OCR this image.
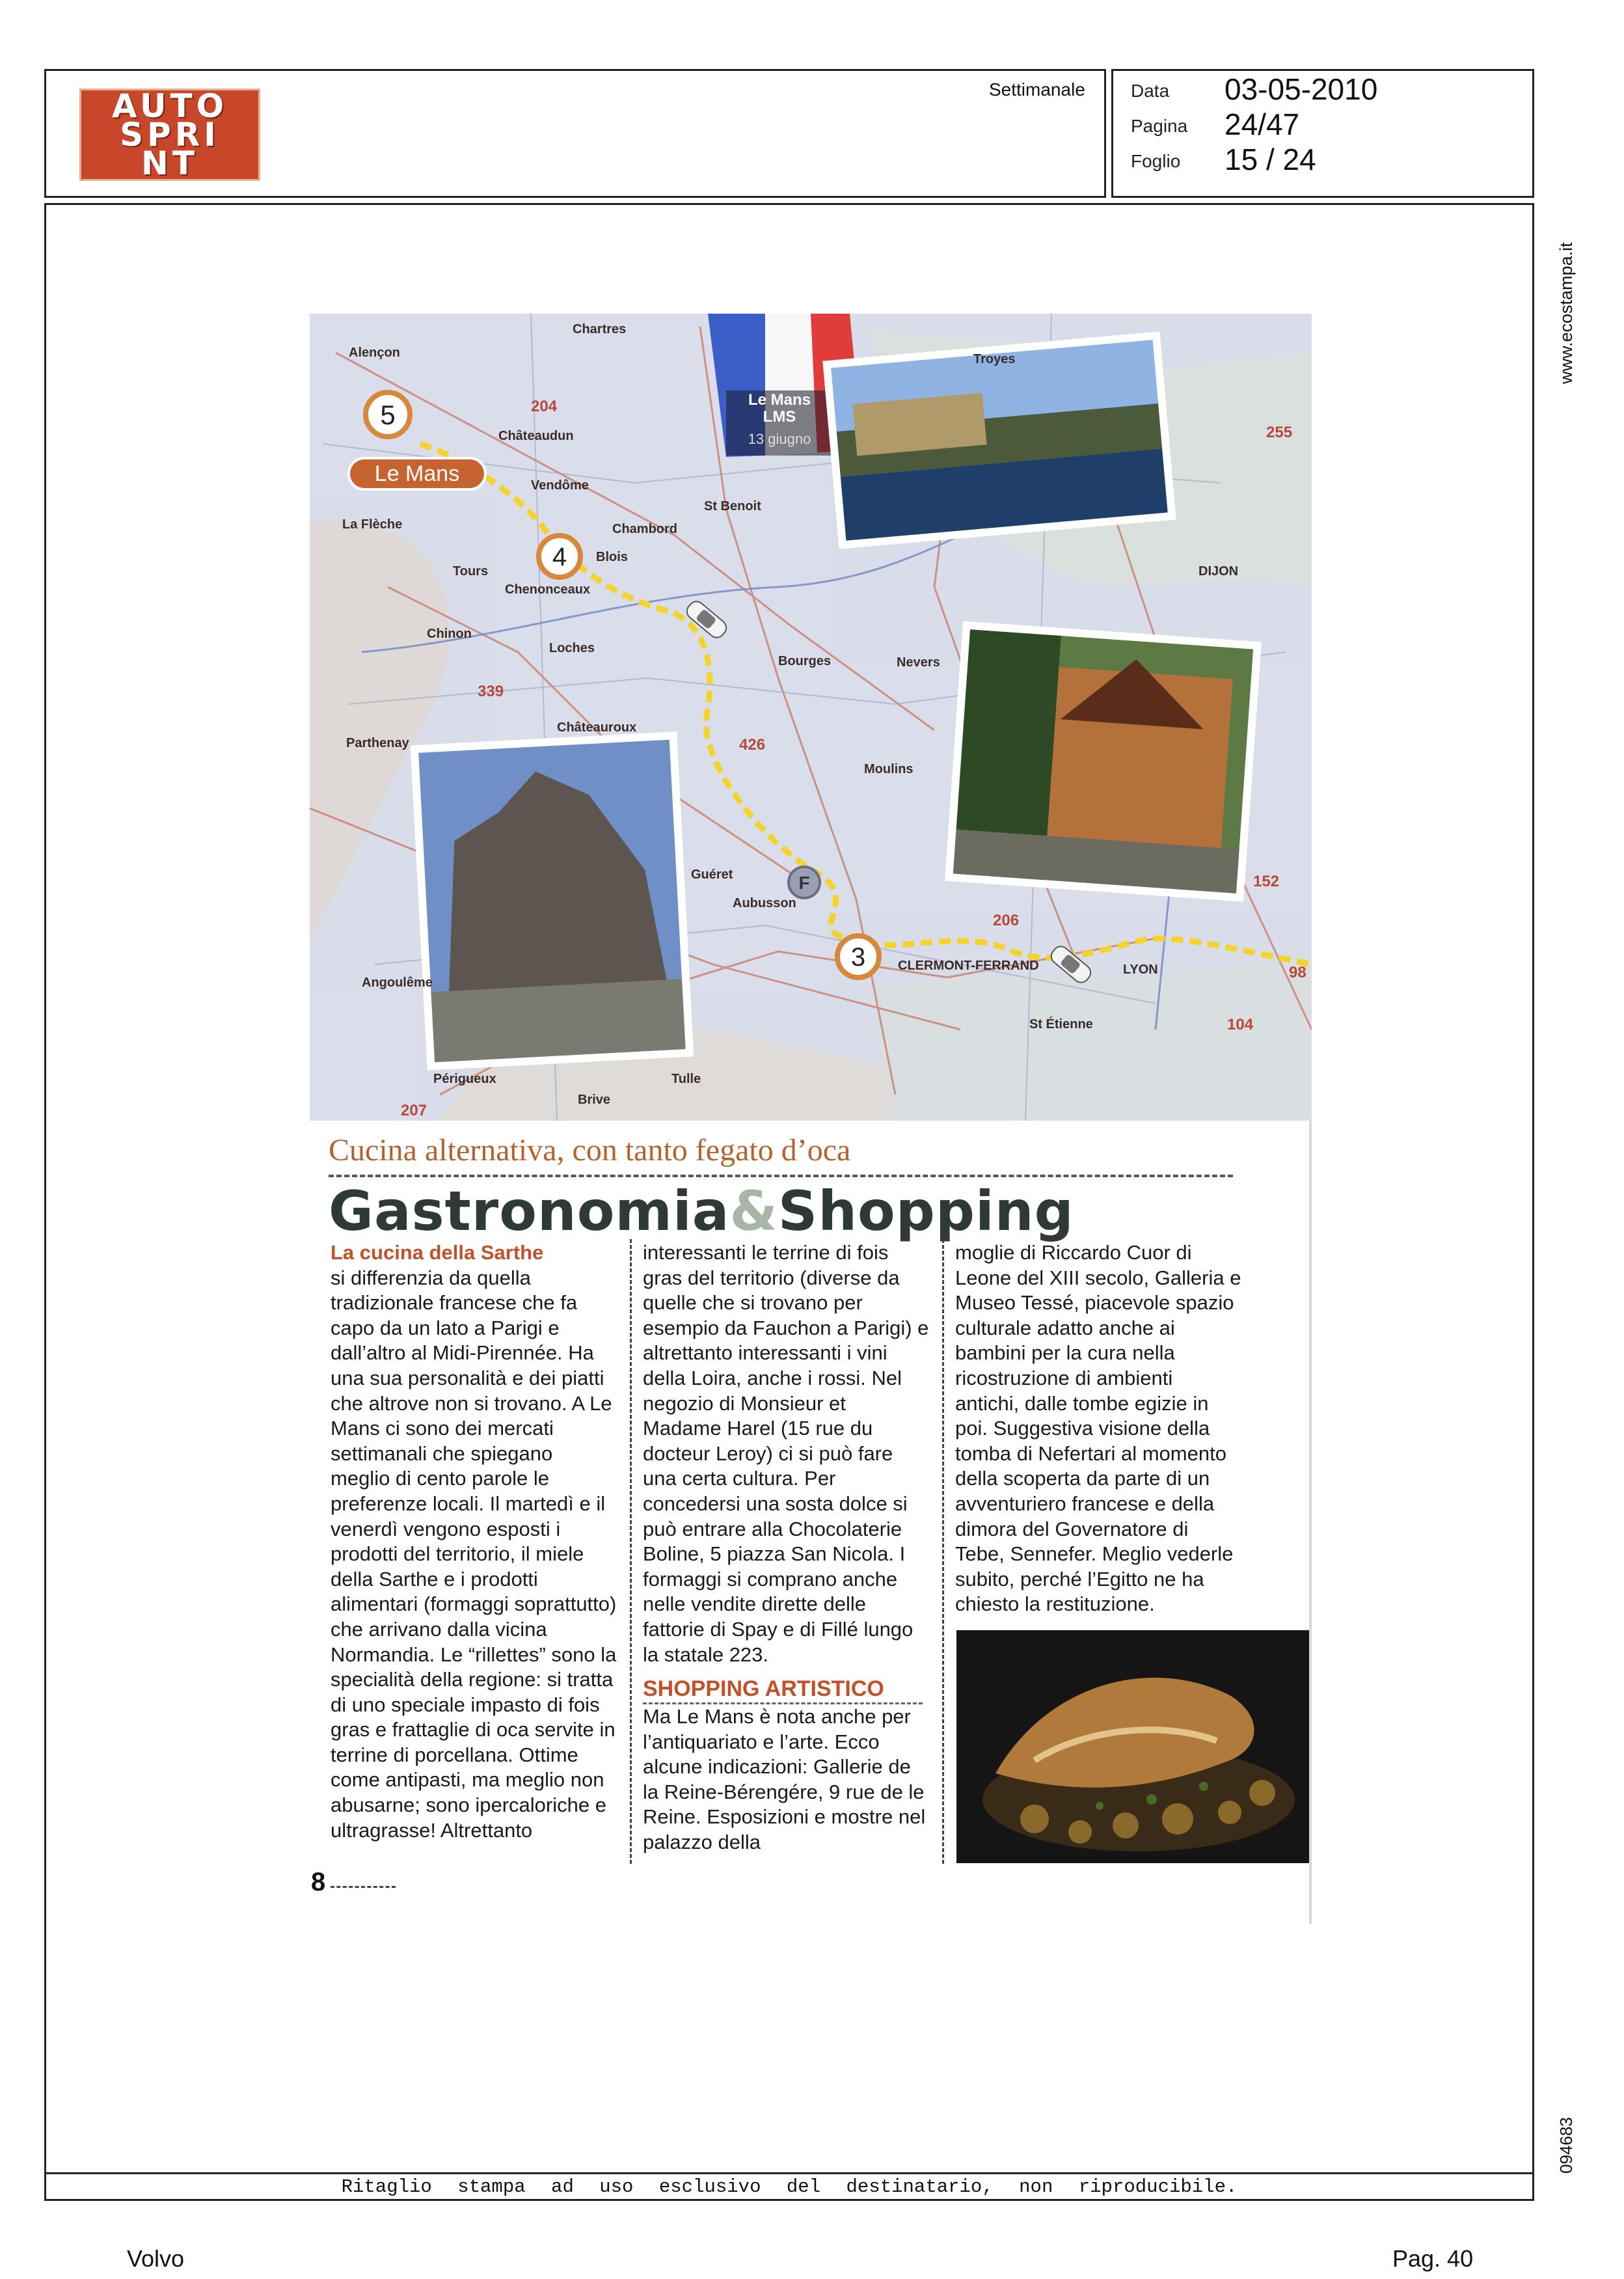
AUTO
SPRI
NT
Settimanale	Data 03-05-2010
Pagina 24/47
Foglio 15 / 24
Ritaglio stampa ad uso esclusivo del destinatario, non riproducibile.
www.ecostampa.it
094683
Le Mans
LMS
13 giugno
5
Le Mans
4
3
F
204
339
426
206
152
104
255
207
98
Alençon
Chartres
Troyes
Châteaudun
Vendôme
La Flèche
Tours
Chambord
Blois
Chenonceaux
Chinon
Loches
St Benoit
Bourges	Nevers
DIJON
Moulins
Châteauroux
Parthenay
Guéret
Aubusson
CLERMONT-FERRAND	LYON
St Étienne
Périgueux
Angoulême
Tulle
Brive
Cucina alternativa, con tanto fegato d’oca
Gastronomia&Shopping
La cucina della Sarthe
si differenzia da quella tradizionale francese che fa capo da un lato a Parigi e dall’altro al Midi-Pirennée. Ha una sua personalità e dei piatti che altrove non si trovano. A Le Mans ci sono dei mercati settimanali che spiegano meglio di cento parole le preferenze locali. Il martedì e il venerdì vengono esposti i prodotti del territorio, il miele della Sarthe e i prodotti alimentari (formaggi soprattutto) che arrivano dalla vicina Normandia. Le “rillettes” sono la specialità della regione: si tratta di uno speciale impasto di fois gras e frattaglie di oca servite in terrine di porcellana. Ottime come antipasti, ma meglio non abusarne; sono ipercaloriche e ultragrasse! Altrettanto
interessanti le terrine di fois gras del territorio (diverse da quelle che si trovano per esempio da Fauchon a Parigi) e altrettanto interessanti i vini della Loira, anche i rossi. Nel negozio di Monsieur et Madame Harel (15 rue du docteur Leroy) ci si può fare una certa cultura. Per concedersi una sosta dolce si può entrare alla Chocolaterie Boline, 5 piazza San Nicola. I formaggi si comprano anche nelle vendite dirette delle fattorie di Spay e di Fillé lungo la statale 223.
SHOPPING ARTISTICO
Ma Le Mans è nota anche per l’antiquariato e l’arte. Ecco alcune indicazioni: Gallerie de la Reine-Bérengére, 9 rue de le Reine. Esposizioni e mostre nel palazzo della
moglie di Riccardo Cuor di Leone del XIII secolo, Galleria e Museo Tessé, piacevole spazio culturale adatto anche ai bambini per la cura nella ricostruzione di ambienti antichi, dalle tombe egizie in poi. Suggestiva visione della tomba di Nefertari al momento della scoperta da parte di un avventuriero francese e della dimora del Governatore di Tebe, Sennefer. Meglio vederle subito, perché l’Egitto ne ha chiesto la restituzione.
8
Volvo	Pag. 40
